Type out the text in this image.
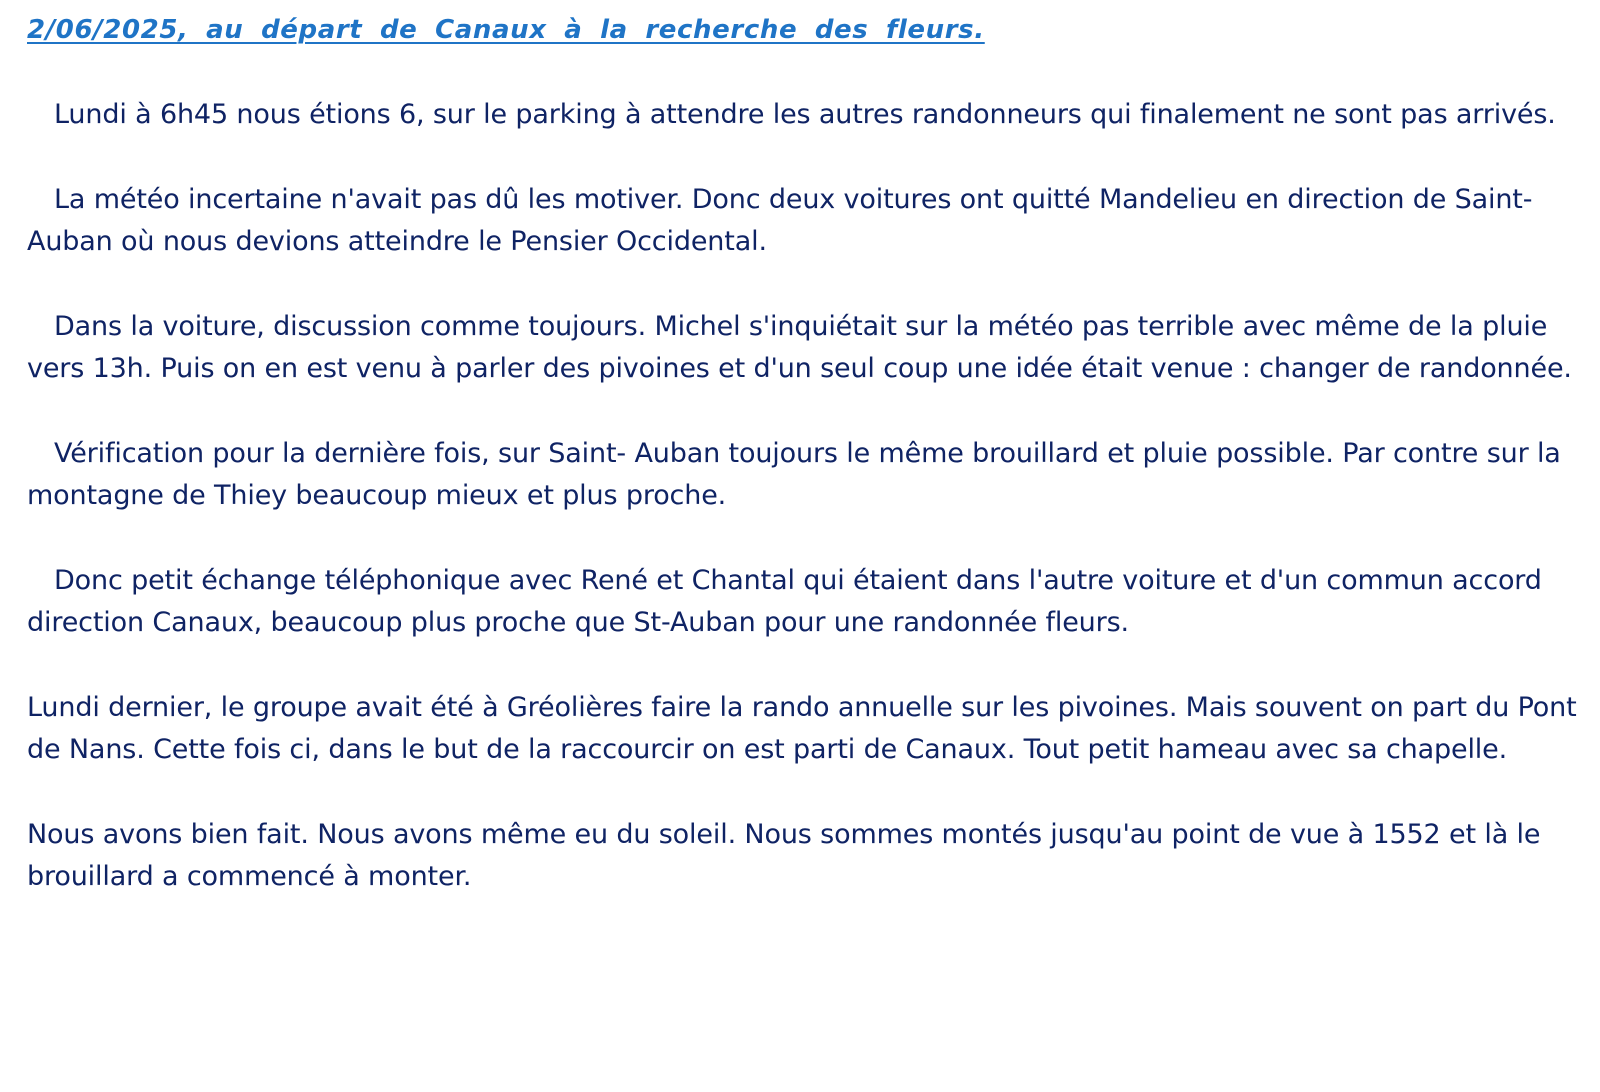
2/06/2025, au départ de Canaux à la recherche des fleurs.

Lundi à 6h45 nous étions 6, sur le parking à attendre les autres randonneurs qui finalement ne sont pas arrivés.

La météo incertaine n'avait pas dû les motiver. Donc deux voitures ont quitté Mandelieu en direction de Saint- Auban où nous devions atteindre le Pensier Occidental.

Dans la voiture, discussion comme toujours. Michel s'inquiétait sur la météo pas terrible avec même de la pluie vers 13h. Puis on en est venu à parler des pivoines et d'un seul coup une idée était venue : changer de randonnée.

Vérification pour la dernière fois, sur Saint- Auban toujours le même brouillard et pluie possible. Par contre sur la montagne de Thiey beaucoup mieux et plus proche.

Donc petit échange téléphonique avec René et Chantal qui étaient dans l'autre voiture et d'un commun accord direction Canaux, beaucoup plus proche que St-Auban pour une randonnée fleurs.

Lundi dernier, le groupe avait été à Gréolières faire la rando annuelle sur les pivoines. Mais souvent on part du Pont de Nans. Cette fois ci, dans le but de la raccourcir on est parti de Canaux. Tout petit hameau avec sa chapelle.

Nous avons bien fait. Nous avons même eu du soleil. Nous sommes montés jusqu'au point de vue à 1552 et là le brouillard a commencé à monter.
